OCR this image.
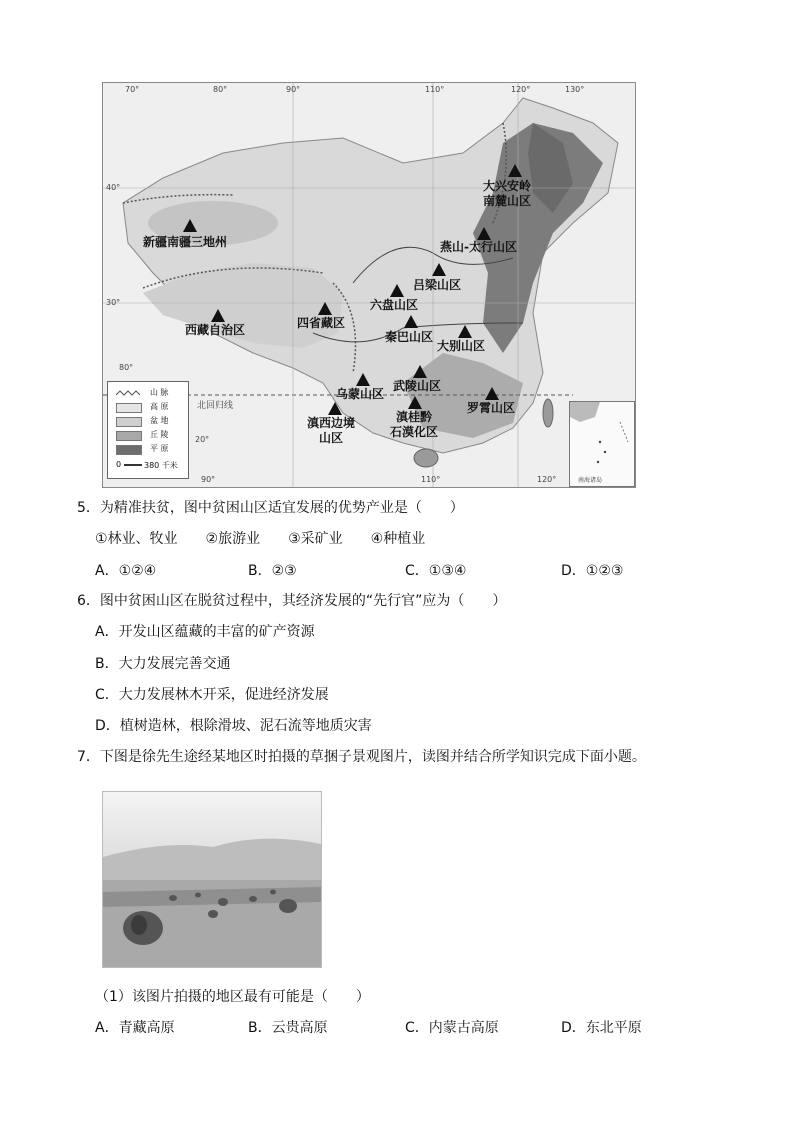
70°	80°	90°	110°	120°	130°
90°	110°	120°
40°
30°
80°
20°
北回归线
大兴安岭
南麓山区
新疆南疆三地州	燕山-太行山区
吕梁山区
六盘山区
西藏自治区	四省藏区
秦巴山区
大别山区
乌蒙山区
武陵山区
滇西边境
山区
滇桂黔
石漠化区
罗霄山区
山 脉
高 原
盆 地
丘 陵
平 原
0	380 千米
南海诸岛
5．为精准扶贫，图中贫困山区适宜发展的优势产业是（　　）
①林业、牧业　　②旅游业　　③采矿业　　④种植业
A．①②④	B．②③	C．①③④	D．①②③
6．图中贫困山区在脱贫过程中，其经济发展的“先行官”应为（　　）
A．开发山区蕴藏的丰富的矿产资源
B．大力发展完善交通
C．大力发展林木开采，促进经济发展
D．植树造林，根除滑坡、泥石流等地质灾害
7．下图是徐先生途经某地区时拍摄的草捆子景观图片，读图并结合所学知识完成下面小题。
（1）该图片拍摄的地区最有可能是（　　）
A．青藏高原	B．云贵高原	C．内蒙古高原	D．东北平原
